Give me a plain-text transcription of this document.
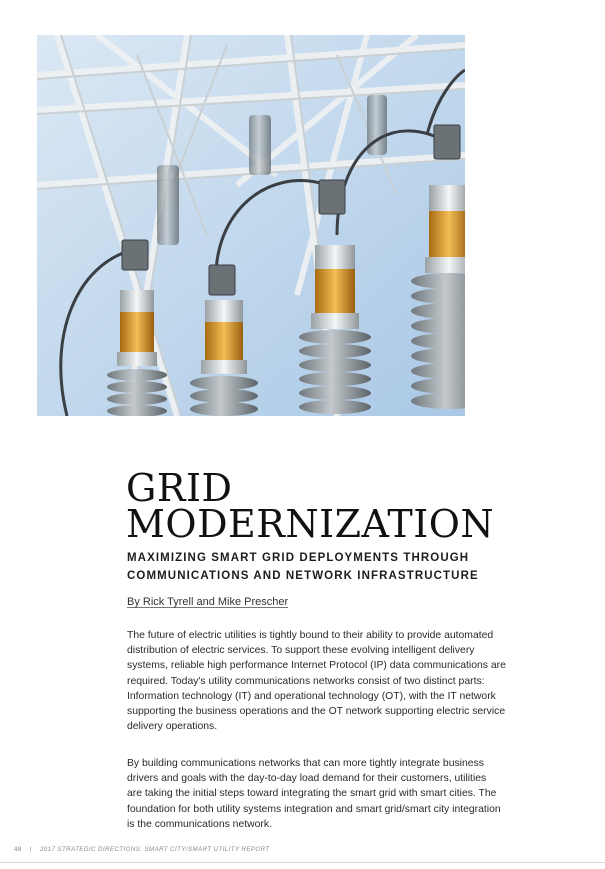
GRID
MODERNIZATION
MAXIMIZING SMART GRID DEPLOYMENTS THROUGH
COMMUNICATIONS AND NETWORK INFRASTRUCTURE

By Rick Tyrell and Mike Prescher

The future of electric utilities is tightly bound to their ability to provide automated
distribution of electric services. To support these evolving intelligent delivery
systems, reliable high performance Internet Protocol (IP) data communications are
required. Today's utility communications networks consist of two distinct parts:
Information technology (IT) and operational technology (OT), with the IT network
supporting the business operations and the OT network supporting electric service
delivery operations.

By building communications networks that can more tightly integrate business
drivers and goals with the day-to-day load demand for their customers, utilities
are taking the initial steps toward integrating the smart grid with smart cities. The
foundation for both utility systems integration and smart grid/smart city integration
is the communications network.

48 | 2017 STRATEGIC DIRECTIONS: SMART CITY/SMART UTILITY REPORT
